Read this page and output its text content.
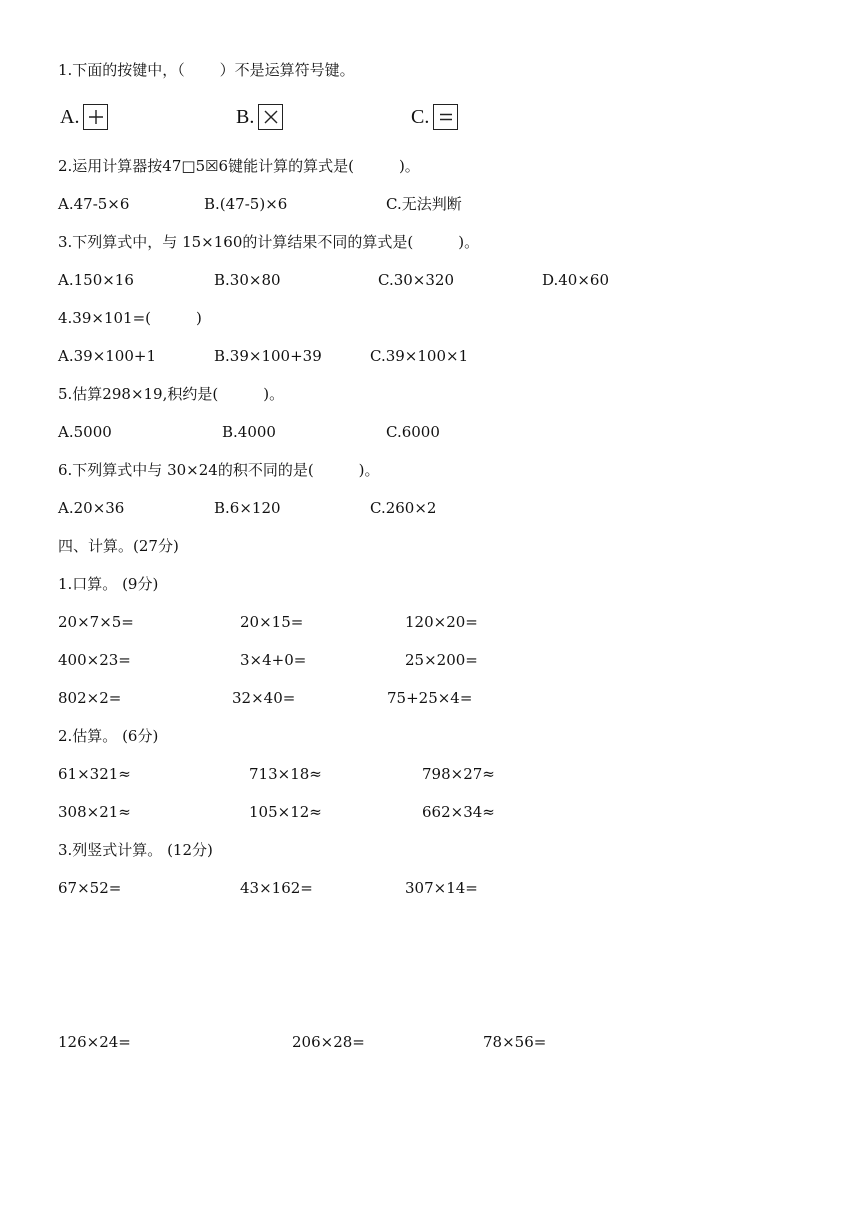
1.下面的按键中，（　　 ）不是运算符号键。
A.	B.	C.
2.运用计算器按47□5☒6键能计算的算式是(　　　)。
A.47-5×6	B.(47-5)×6	C.无法判断
3.下列算式中，与 15×160的计算结果不同的算式是(　　　)。
A.150×16	B.30×80	C.30×320	D.40×60
4.39×101=(　　　)
A.39×100+1	B.39×100+39	C.39×100×1
5.估算298×19,积约是(　　　)。
A.5000	B.4000	C.6000
6.下列算式中与 30×24的积不同的是(　　　)。
A.20×36	B.6×120	C.260×2
四、计算。(27分)
1.口算。 (9分)
20×7×5=	20×15=	120×20=
400×23=	3×4+0=	25×200=
802×2=	32×40=	75+25×4=
2.估算。 (6分)
61×321≈	713×18≈	798×27≈
308×21≈	105×12≈	662×34≈
3.列竖式计算。 (12分)
67×52=	43×162=	307×14=
126×24=	206×28=	78×56=
